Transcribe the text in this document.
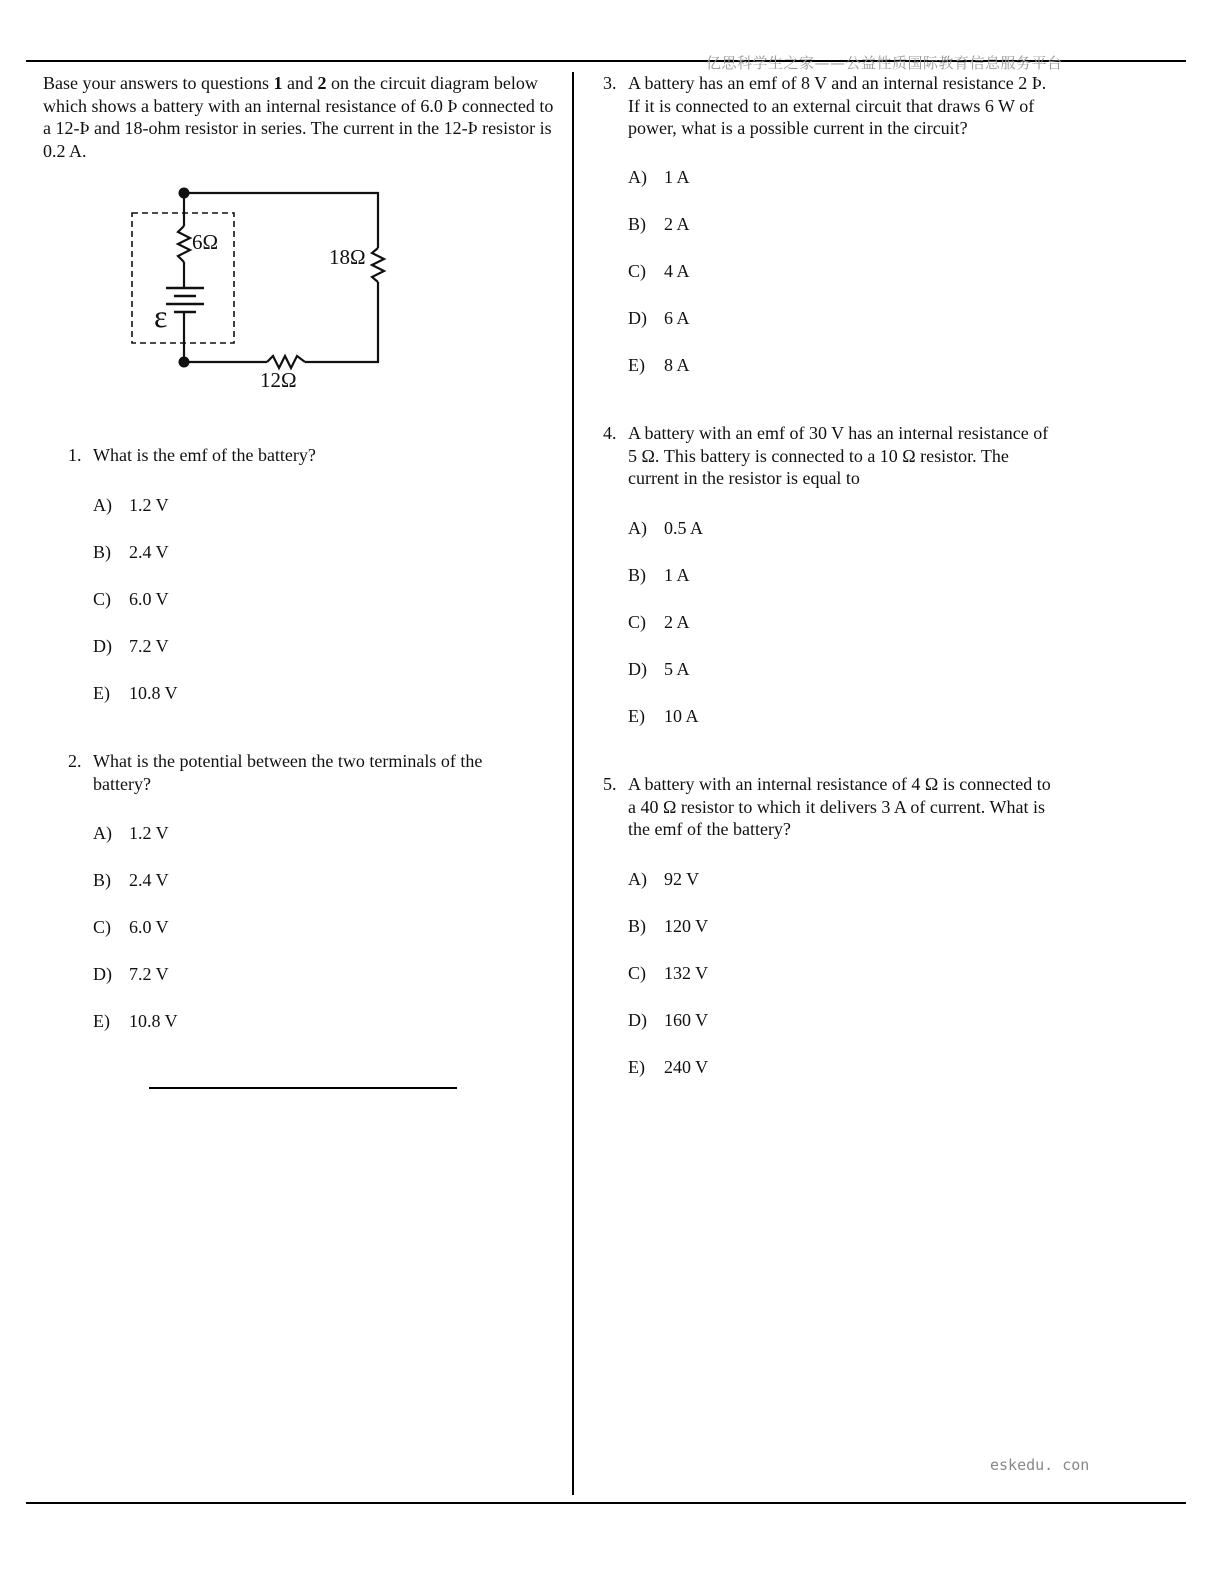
亿思科学生之家——公益性质国际教育信息服务平台
eskedu. con
Base your answers to questions 1 and 2 on the circuit diagram below which shows a battery with an internal resistance of 6.0 Þ connected to a 12-Þ and 18-ohm resistor in series. The current in the 12-Þ resistor is 0.2 A.
6Ω
18Ω
12Ω
ε
1. What is the emf of the battery?
A) 1.2 V
B) 2.4 V
C) 6.0 V
D) 7.2 V
E) 10.8 V
2. What is the potential between the two terminals of the
battery?
A) 1.2 V
B) 2.4 V
C) 6.0 V
D) 7.2 V
E) 10.8 V
3. A battery has an emf of 8 V and an internal resistance 2 Þ.
If it is connected to an external circuit that draws 6 W of
power, what is a possible current in the circuit?
A) 1 A
B) 2 A
C) 4 A
D) 6 A
E) 8 A
4. A battery with an emf of 30 V has an internal resistance of
5 Ω. This battery is connected to a 10 Ω resistor. The
current in the resistor is equal to
A) 0.5 A
B) 1 A
C) 2 A
D) 5 A
E) 10 A
5. A battery with an internal resistance of 4 Ω is connected to
a 40 Ω resistor to which it delivers 3 A of current. What is
the emf of the battery?
A) 92 V
B) 120 V
C) 132 V
D) 160 V
E) 240 V
